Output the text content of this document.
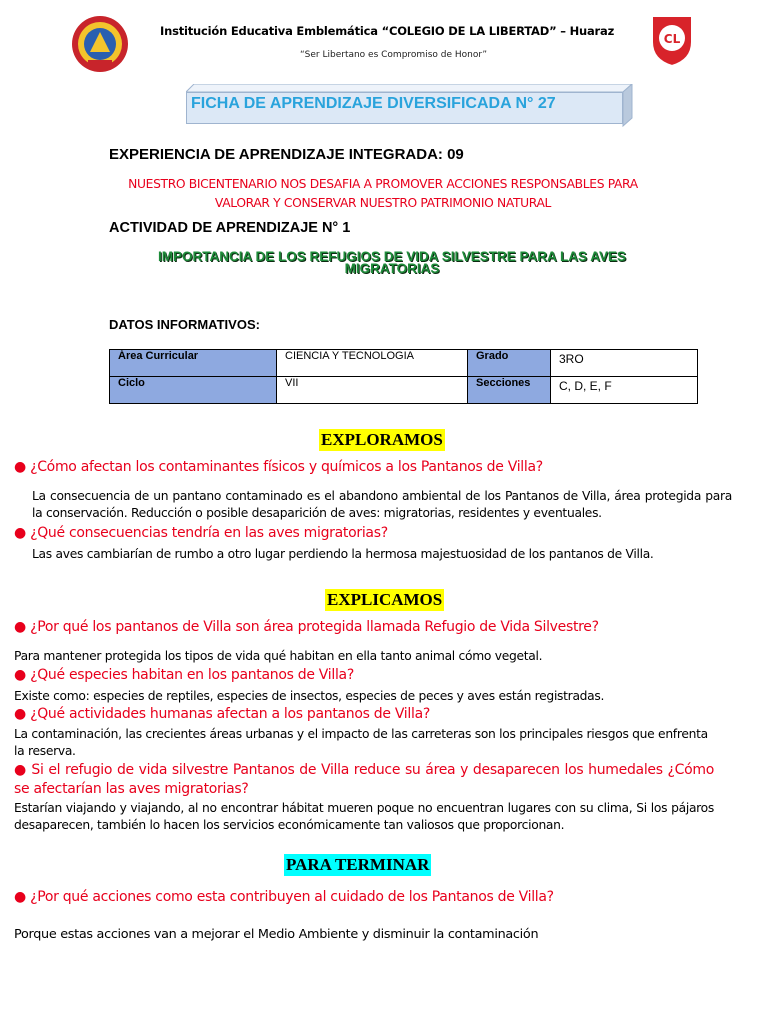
Institución Educativa Emblemática “COLEGIO DE LA LIBERTAD” – Huaraz
“Ser Libertano es Compromiso de Honor”
CL
FICHA DE APRENDIZAJE DIVERSIFICADA N° 27
EXPERIENCIA DE APRENDIZAJE INTEGRADA: 09
NUESTRO BICENTENARIO NOS DESAFIA A PROMOVER ACCIONES RESPONSABLES PARA
VALORAR Y CONSERVAR NUESTRO PATRIMONIO NATURAL
ACTIVIDAD DE APRENDIZAJE N° 1
IMPORTANCIA DE LOS REFUGIOS DE VIDA SILVESTRE PARA LAS AVES
MIGRATORIAS
DATOS INFORMATIVOS:
Área Curricular	CIENCIA Y TECNOLOGIA	Grado	3RO
Ciclo	VII	Secciones	C, D, E, F
EXPLORAMOS
● ¿Cómo afectan los contaminantes físicos y químicos a los Pantanos de Villa?
La consecuencia de un pantano contaminado es el abandono ambiental de los Pantanos de Villa, área protegida para la conservación. Reducción o posible desaparición de aves: migratorias, residentes y eventuales.
● ¿Qué consecuencias tendría en las aves migratorias?
Las aves cambiarían de rumbo a otro lugar perdiendo la hermosa majestuosidad de los pantanos de Villa.
EXPLICAMOS
● ¿Por qué los pantanos de Villa son área protegida llamada Refugio de Vida Silvestre?
Para mantener protegida los tipos de vida qué habitan en ella tanto animal cómo vegetal.
● ¿Qué especies habitan en los pantanos de Villa?
Existe como: especies de reptiles, especies de insectos, especies de peces y aves están registradas.
● ¿Qué actividades humanas afectan a los pantanos de Villa?
La contaminación, las crecientes áreas urbanas y el impacto de las carreteras son los principales riesgos que enfrenta la reserva.
● Si el refugio de vida silvestre Pantanos de Villa reduce su área y desaparecen los humedales ¿Cómo se afectarían las aves migratorias?
Estarían viajando y viajando, al no encontrar hábitat mueren poque no encuentran lugares con su clima, Si los pájaros desaparecen, también lo hacen los servicios económicamente tan valiosos que proporcionan.
PARA TERMINAR
● ¿Por qué acciones como esta contribuyen al cuidado de los Pantanos de Villa?
Porque estas acciones van a mejorar el Medio Ambiente y disminuir la contaminación
